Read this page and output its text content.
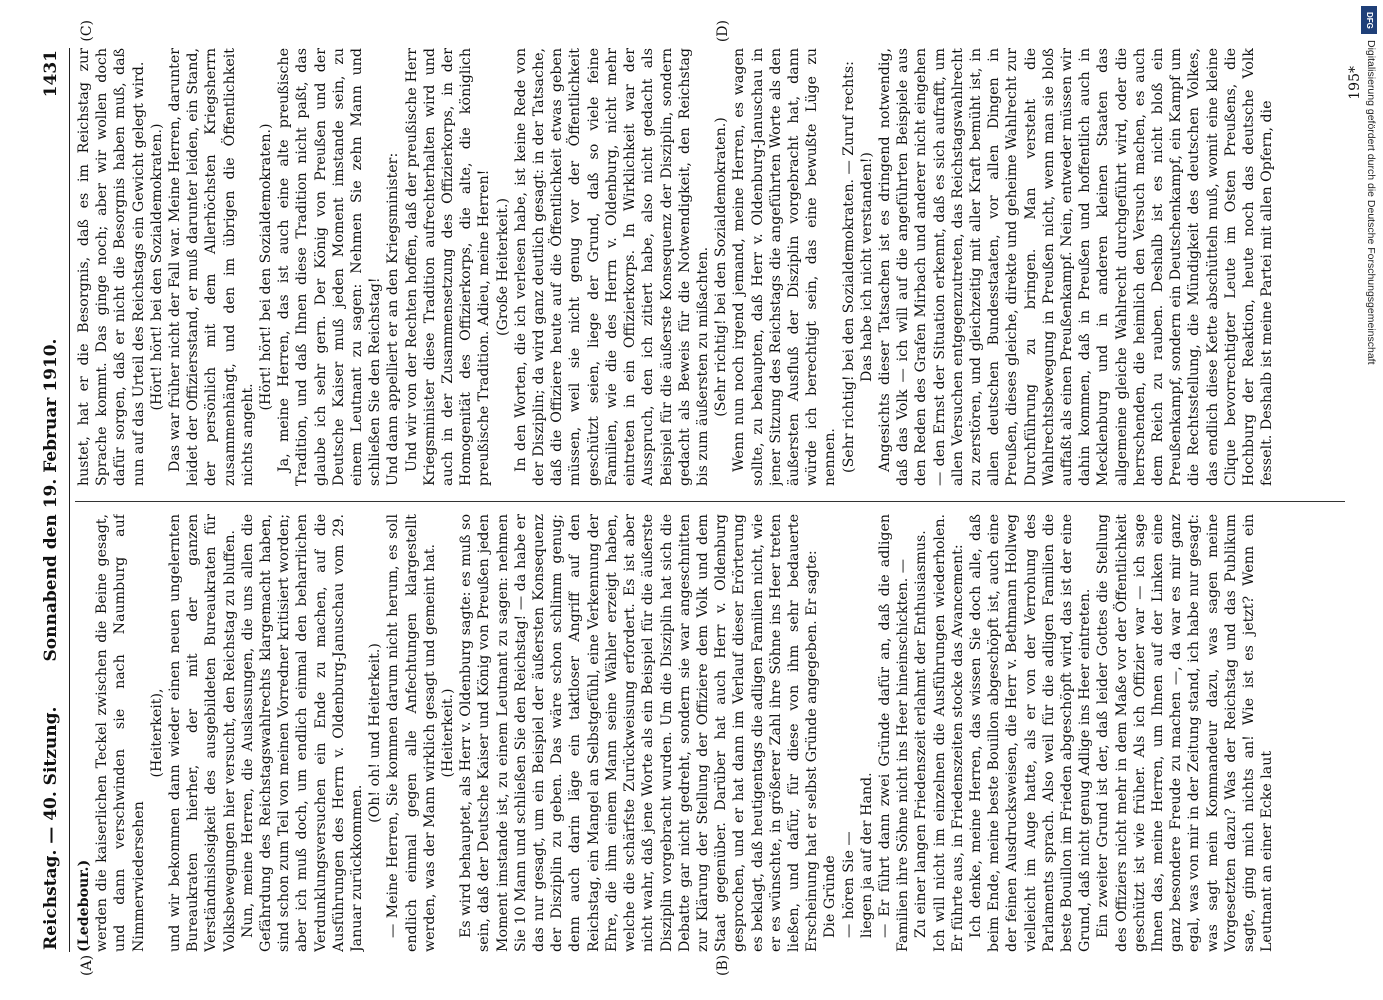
Reichstag. — 40. Sitzung.
Sonnabend den 19. Februar 1910.
1431
(A)	(B)
(C)	(D)

(Ledebour.) werden die kaiserlichen Teckel zwischen die Beine gesagt, und dann verschwinden sie nach Naumburg auf Nimmerwiedersehen

(Heiterkeit), und wir bekommen dann wieder einen neuen ungelernten Bureaukraten hierher, der mit der ganzen Verständnislosigkeit des ausgebildeten Bureaukraten für Volksbewegungen hier versucht, den Reichstag zu bluffen. Nun, meine Herren, die Auslassungen, die uns allen die Gefährdung des Reichstagswahlrechts klargemacht haben, sind schon zum Teil von meinen Vorredner kritisiert worden; aber ich muß doch, um endlich einmal den beharrlichen Verdunklungsversuchen ein Ende zu machen, auf die Ausführungen des Herrn v. Oldenburg-Januschau vom 29. Januar zurückkommen.

(Oh! oh! und Heiterkeit.) — Meine Herren, Sie kommen darum nicht herum, es soll endlich einmal gegen alle Anfechtungen klargestellt werden, was der Mann wirklich gesagt und gemeint hat. (Heiterkeit.) Es wird behauptet, als Herr v. Oldenburg sagte: es muß so sein, daß der Deutsche Kaiser und König von Preußen jeden Moment imstande ist, zu einem Leutnant zu sagen: nehmen Sie 10 Mann und schließen Sie den Reichstag! — da habe er das nur gesagt, um ein Beispiel der äußersten Konsequenz der Disziplin zu geben. Das wäre schon schlimm genug; denn auch darin läge ein taktloser Angriff auf den Reichstag, ein Mangel an Selbstgefühl, eine Verkennung der Ehre, die ihm einem Mann seine Wähler erzeigt haben, welche die schärfste Zurückweisung erfordert. Es ist aber nicht wahr, daß jene Worte als ein Beispiel für die äußerste Disziplin vorgebracht wurden. Um die Disziplin hat sich die Debatte gar nicht gedreht, sondern sie war angeschnitten zur Klärung der Stellung der Offiziere dem Volk und dem Staat gegenüber. Darüber hat auch Herr v. Oldenburg gesprochen, und er hat dann im Verlauf dieser Erörterung es beklagt, daß heutigentags die adligen Familien nicht, wie er es wünschte, in größerer Zahl ihre Söhne ins Heer treten ließen, und dafür, für diese von ihm sehr bedauerte Erscheinung hat er selbst Gründe angegeben. Er sagte: Die Gründe — hören Sie — liegen ja auf der Hand. — Er führt dann zwei Gründe dafür an, daß die adligen Familien ihre Söhne nicht ins Heer hineinschickten. — Zu einer langen Friedenszeit erlahmt der Enthusiasmus. Ich will nicht im einzelnen die Ausführungen wiederholen. Er führte aus, in Friedenszeiten stocke das Avancement: Ich denke, meine Herren, das wissen Sie doch alle, daß beim Ende, meine beste Bouillon abgeschöpft ist, auch eine der feinen Ausdrucksweisen, die Herr v. Bethmann Hollweg vielleicht im Auge hatte, als er von der Verrohung des Parlaments sprach. Also weil für die adligen Familien die beste Bouillon im Frieden abgeschöpft wird, das ist der eine Grund, daß nicht genug Adlige ins Heer eintreten. Ein zweiter Grund ist der, daß leider Gottes die Stellung des Offiziers nicht mehr in dem Maße vor der Öffentlichkeit geschützt ist wie früher. Als ich Offizier war — ich sage Ihnen das, meine Herren, um Ihnen auf der Linken eine ganz besondere Freude zu machen —, da war es mir ganz egal, was von mir in der Zeitung stand, ich habe nur gesagt: was sagt mein Kommandeur dazu, was sagen meine Vorgesetzten dazu? Was der Reichstag und das Publikum sagte, ging mich nichts an! Wie ist es jetzt? Wenn ein Leutnant an einer Ecke laut

hustet, hat er die Besorgnis, daß es im Reichstag zur Sprache kommt. Das ginge noch; aber wir wollen doch dafür sorgen, daß er nicht die Besorgnis haben muß, daß nun auf das Urteil des Reichstags ein Gewicht gelegt wird. (Hört! hört! bei den Sozialdemokraten.) Das war früher nicht der Fall war. Meine Herren, darunter leidet der Offiziersstand, er muß darunter leiden, ein Stand, der persönlich mit dem Allerhöchsten Kriegsherrn zusammenhängt, und den im übrigen die Öffentlichkeit nichts angeht.

(Hört! hört! bei den Sozialdemokraten.) Ja, meine Herren, das ist auch eine alte preußische Tradition, und daß Ihnen diese Tradition nicht paßt, das glaube ich sehr gern. Der König von Preußen und der Deutsche Kaiser muß jeden Moment imstande sein, zu einem Leutnant zu sagen: Nehmen Sie zehn Mann und schließen Sie den Reichstag! Und dann appelliert er an den Kriegsminister: Und wir von der Rechten hoffen, daß der preußische Herr Kriegsminister diese Tradition aufrechterhalten wird und auch in der Zusammensetzung des Offizierkorps, in der Homogenität des Offizierkorps, die alte, die königlich preußische Tradition. Adieu, meine Herren! (Große Heiterkeit.) In den Worten, die ich verlesen habe, ist keine Rede von der Disziplin; da wird ganz deutlich gesagt: in der Tatsache, daß die Offiziere heute auf die Öffentlichkeit etwas geben müssen, weil sie nicht genug vor der Öffentlichkeit geschützt seien, liege der Grund, daß so viele feine Familien, wie die des Herrn v. Oldenburg, nicht mehr eintreten in ein Offizierkorps. In Wirklichkeit war der Ausspruch, den ich zitiert habe, also nicht gedacht als Beispiel für die äußerste Konsequenz der Disziplin, sondern gedacht als Beweis für die Notwendigkeit, den Reichstag bis zum äußersten zu mißachten. (Sehr richtig! bei den Sozialdemokraten.) Wenn nun noch irgend jemand, meine Herren, es wagen sollte, zu behaupten, daß Herr v. Oldenburg-Januschau in jener Sitzung des Reichstags die angeführten Worte als den äußersten Ausfluß der Disziplin vorgebracht hat, dann würde ich berechtigt sein, das eine bewußte Lüge zu nennen. (Sehr richtig! bei den Sozialdemokraten. — Zuruf rechts: Das habe ich nicht verstanden!) Angesichts dieser Tatsachen ist es dringend notwendig, daß das Volk — ich will auf die angeführten Beispiele aus den Reden des Grafen Mirbach und anderer nicht eingehen — den Ernst der Situation erkennt, daß es sich aufrafft, um allen Versuchen entgegenzutreten, das Reichstagswahlrecht zu zerstören, und gleichzeitig mit aller Kraft bemüht ist, in allen deutschen Bundesstaaten, vor allen Dingen in Preußen, dieses gleiche, direkte und geheime Wahlrecht zur Durchführung zu bringen. Man versteht die Wahlrechtsbewegung in Preußen nicht, wenn man sie bloß auffaßt als einen Preußenkampf. Nein, entweder müssen wir dahin kommen, daß in Preußen und hoffentlich auch in Mecklenburg und in anderen kleinen Staaten das allgemeine gleiche Wahlrecht durchgeführt wird, oder die herrschenden, die heimlich den Versuch machen, es auch dem Reich zu rauben. Deshalb ist es nicht bloß ein Preußenkampf, sondern ein Deutschenkampf, ein Kampf um die Rechtsstellung, die Mündigkeit des deutschen Volkes, das endlich diese Kette abschütteln muß, womit eine kleine Clique bevorrechtigter Leute im Osten Preußens, die Hochburg der Reaktion, heute noch das deutsche Volk fesselt. Deshalb ist meine Partei mit allen Opfern, die

195*
DFG
Digitalisierung gefördert durch die Deutsche Forschungsgemeinschaft
